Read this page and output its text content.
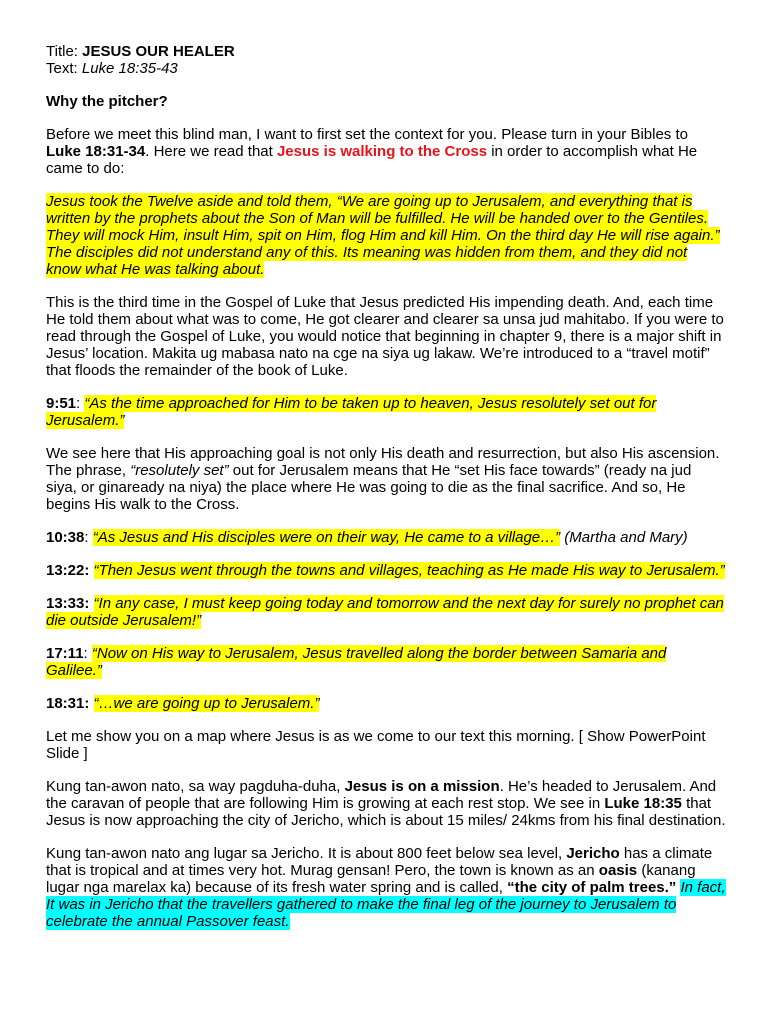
Title: JESUS OUR HEALER

Text: Luke 18:35-43

Why the pitcher?

Before we meet this blind man, I want to first set the context for you. Please turn in your Bibles to Luke 18:31-34. Here we read that Jesus is walking to the Cross in order to accomplish what He came to do:

Jesus took the Twelve aside and told them, “We are going up to Jerusalem, and everything that is written by the prophets about the Son of Man will be fulfilled. He will be handed over to the Gentiles. They will mock Him, insult Him, spit on Him, flog Him and kill Him. On the third day He will rise again.” The disciples did not understand any of this. Its meaning was hidden from them, and they did not know what He was talking about.

This is the third time in the Gospel of Luke that Jesus predicted His impending death. And, each time He told them about what was to come, He got clearer and clearer sa unsa jud mahitabo. If you were to read through the Gospel of Luke, you would notice that beginning in chapter 9, there is a major shift in Jesus’ location. Makita ug mabasa nato na cge na siya ug lakaw. We’re introduced to a “travel motif” that floods the remainder of the book of Luke.

9:51: “As the time approached for Him to be taken up to heaven, Jesus resolutely set out for Jerusalem.”

We see here that His approaching goal is not only His death and resurrection, but also His ascension. The phrase, “resolutely set” out for Jerusalem means that He “set His face towards” (ready na jud siya, or ginaready na niya) the place where He was going to die as the final sacrifice. And so, He begins His walk to the Cross.

10:38: “As Jesus and His disciples were on their way, He came to a village…” (Martha and Mary)

13:22: “Then Jesus went through the towns and villages, teaching as He made His way to Jerusalem.”

13:33: “In any case, I must keep going today and tomorrow and the next day for surely no prophet can die outside Jerusalem!”

17:11: “Now on His way to Jerusalem, Jesus travelled along the border between Samaria and Galilee.”

18:31: “…we are going up to Jerusalem.”

Let me show you on a map where Jesus is as we come to our text this morning. [ Show PowerPoint Slide ]

Kung tan-awon nato, sa way pagduha-duha, Jesus is on a mission. He’s headed to Jerusalem. And the caravan of people that are following Him is growing at each rest stop. We see in Luke 18:35 that Jesus is now approaching the city of Jericho, which is about 15 miles/ 24kms from his final destination.

Kung tan-awon nato ang lugar sa Jericho. It is about 800 feet below sea level, Jericho has a climate that is tropical and at times very hot. Murag gensan! Pero, the town is known as an oasis (kanang lugar nga marelax ka) because of its fresh water spring and is called, “the city of palm trees.” In fact, It was in Jericho that the travellers gathered to make the final leg of the journey to Jerusalem to celebrate the annual Passover feast.
